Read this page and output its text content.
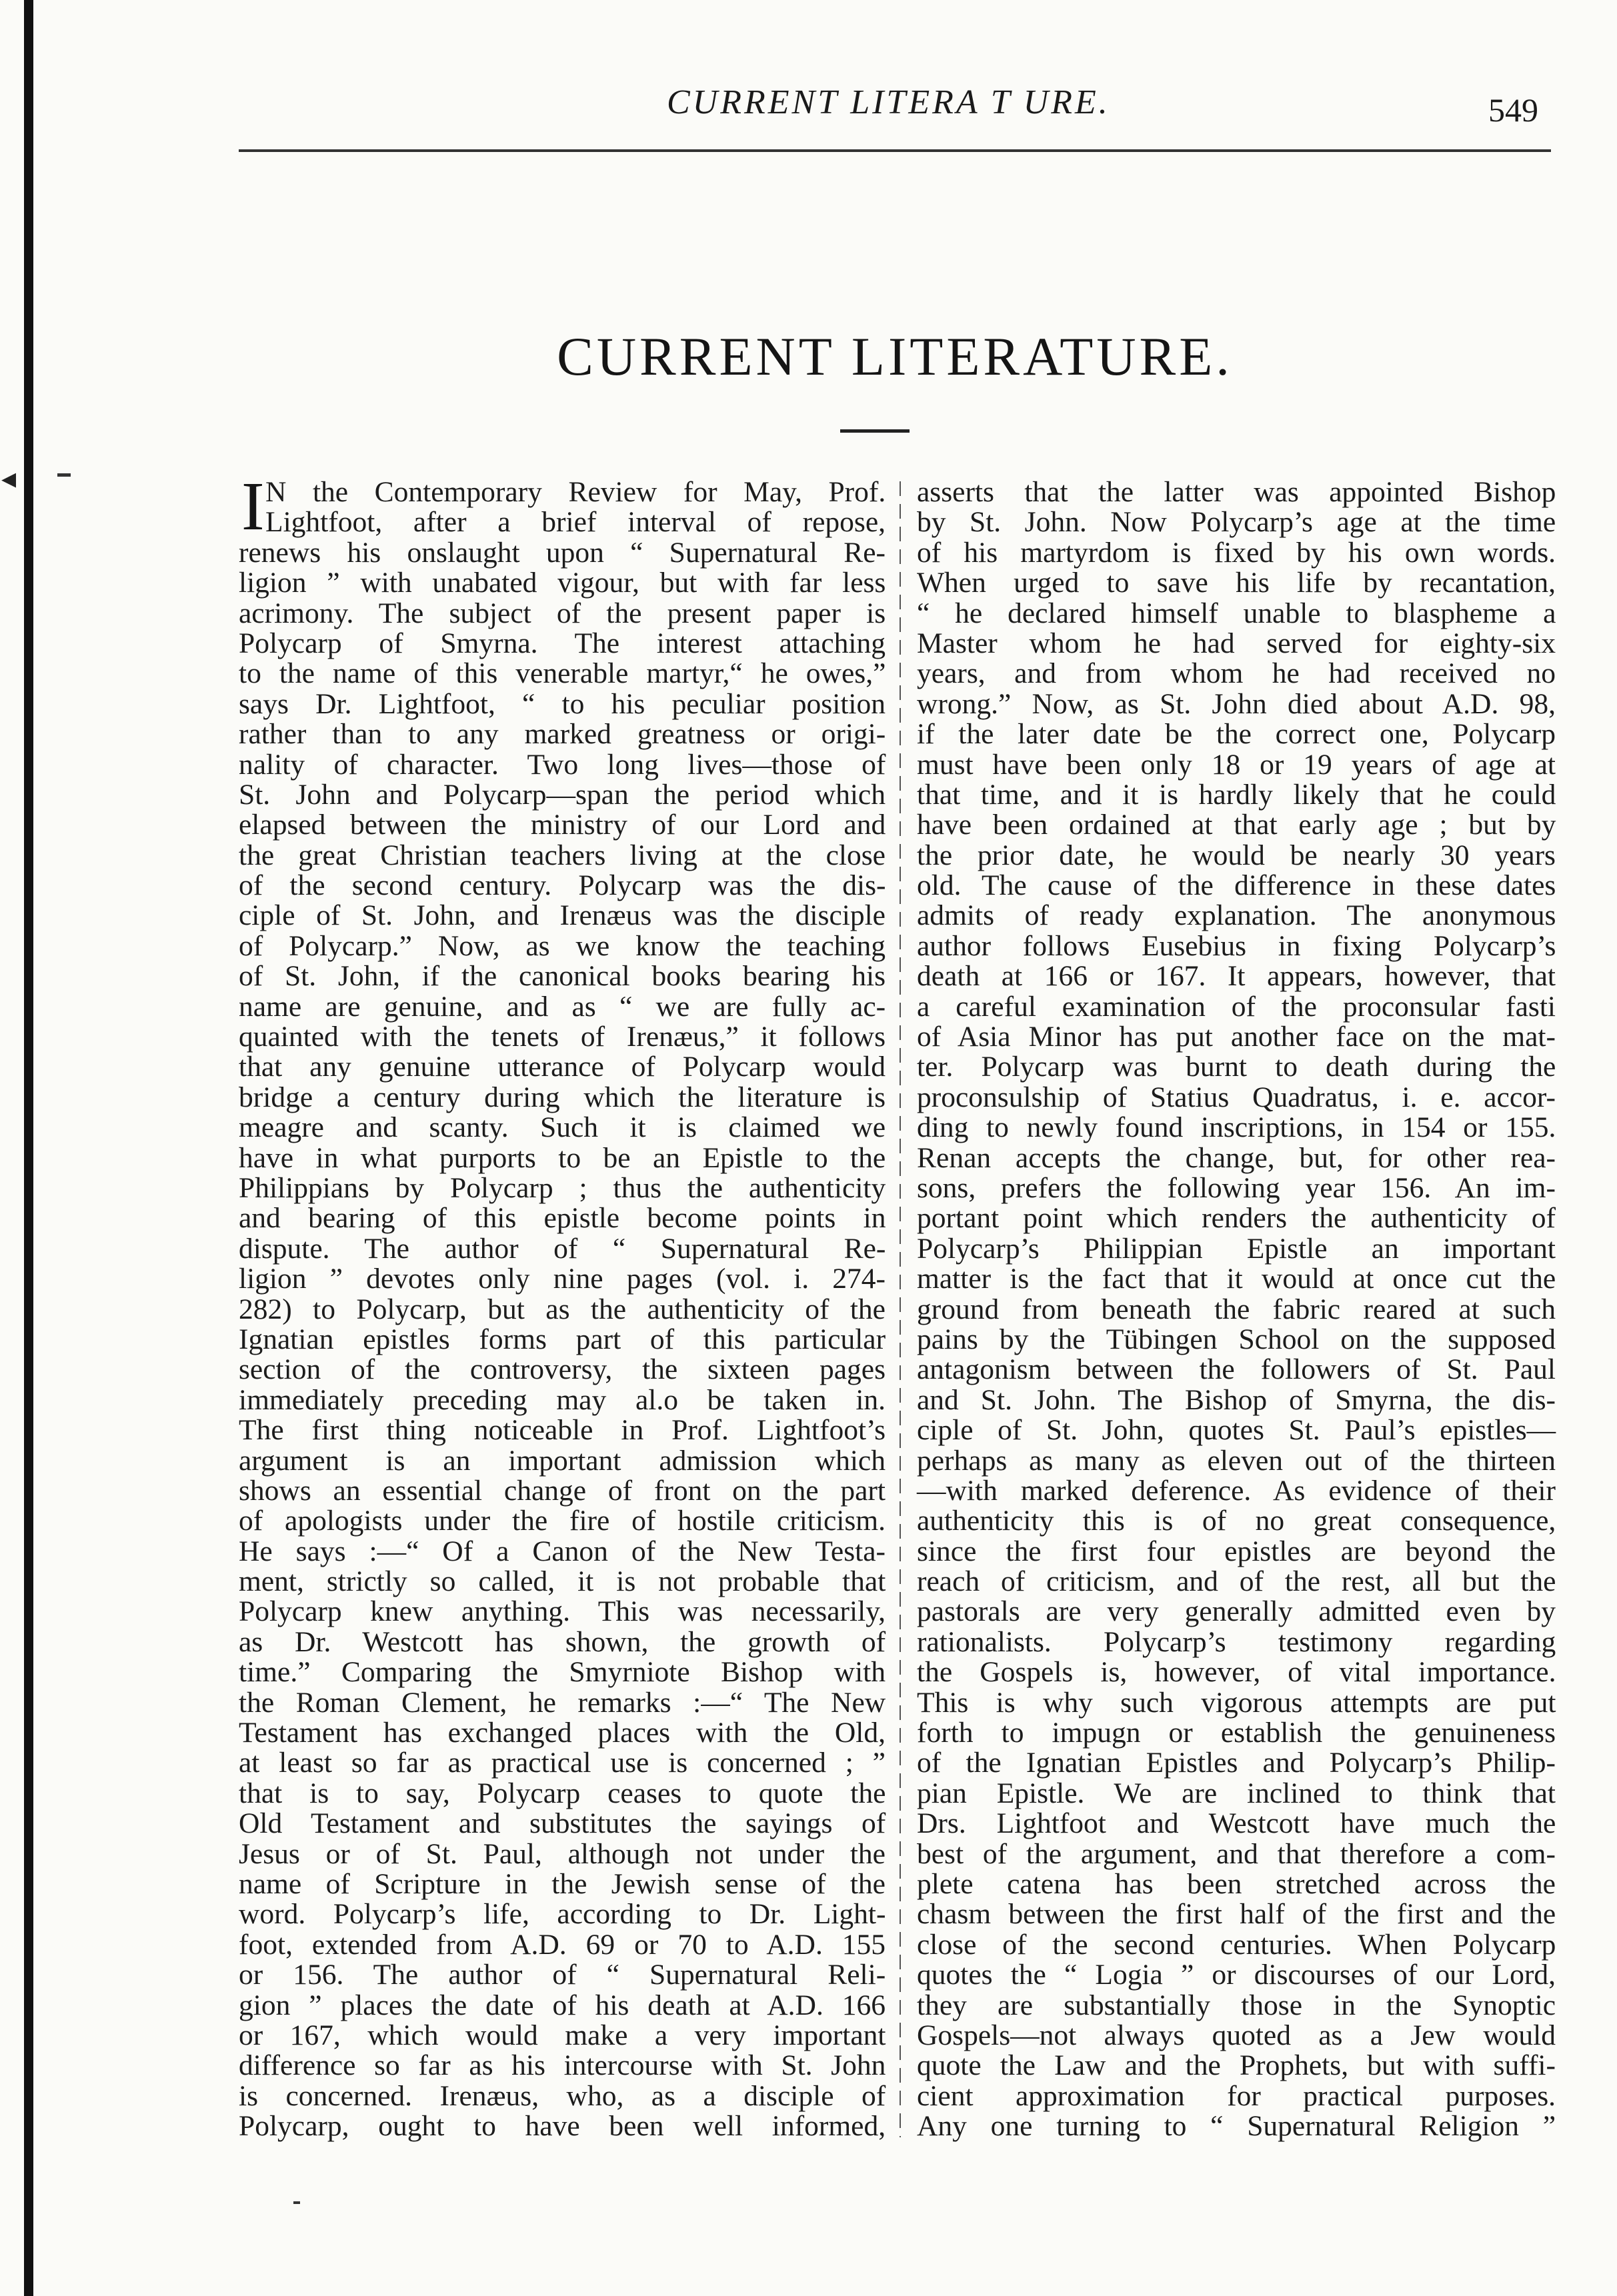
◂
CURRENT LITERA T URE.	549
CURRENT LITERATURE.
I N the Contemporary Review for May, Prof.
Lightfoot, after a brief interval of repose,
renews his onslaught upon “ Supernatural Re-
ligion ” with unabated vigour, but with far less
acrimony. The subject of the present paper is
Polycarp of Smyrna. The interest attaching
to the name of this venerable martyr,“ he owes,”
says Dr. Lightfoot, “ to his peculiar position
rather than to any marked greatness or origi-
nality of character. Two long lives—those of
St. John and Polycarp—span the period which
elapsed between the ministry of our Lord and
the great Christian teachers living at the close
of the second century. Polycarp was the dis-
ciple of St. John, and Irenæus was the disciple
of Polycarp.” Now, as we know the teaching
of St. John, if the canonical books bearing his
name are genuine, and as “ we are fully ac-
quainted with the tenets of Irenæus,” it follows
that any genuine utterance of Polycarp would
bridge a century during which the literature is
meagre and scanty. Such it is claimed we
have in what purports to be an Epistle to the
Philippians by Polycarp ; thus the authenticity
and bearing of this epistle become points in
dispute. The author of “ Supernatural Re-
ligion ” devotes only nine pages (vol. i. 274-
282) to Polycarp, but as the authenticity of the
Ignatian epistles forms part of this particular
section of the controversy, the sixteen pages
immediately preceding may al.o be taken in.
The first thing noticeable in Prof. Lightfoot’s
argument is an important admission which
shows an essential change of front on the part
of apologists under the fire of hostile criticism.
He says :—“ Of a Canon of the New Testa-
ment, strictly so called, it is not probable that
Polycarp knew anything. This was necessarily,
as Dr. Westcott has shown, the growth of
time.” Comparing the Smyrniote Bishop with
the Roman Clement, he remarks :—“ The New
Testament has exchanged places with the Old,
at least so far as practical use is concerned ; ”
that is to say, Polycarp ceases to quote the
Old Testament and substitutes the sayings of
Jesus or of St. Paul, although not under the
name of Scripture in the Jewish sense of the
word. Polycarp’s life, according to Dr. Light-
foot, extended from A.D. 69 or 70 to A.D. 155
or 156. The author of “ Supernatural Reli-
gion ” places the date of his death at A.D. 166
or 167, which would make a very important
difference so far as his intercourse with St. John
is concerned. Irenæus, who, as a disciple of
Polycarp, ought to have been well informed,
asserts that the latter was appointed Bishop
by St. John. Now Polycarp’s age at the time
of his martyrdom is fixed by his own words.
When urged to save his life by recantation,
“ he declared himself unable to blaspheme a
Master whom he had served for eighty-six
years, and from whom he had received no
wrong.” Now, as St. John died about A.D. 98,
if the later date be the correct one, Polycarp
must have been only 18 or 19 years of age at
that time, and it is hardly likely that he could
have been ordained at that early age ; but by
the prior date, he would be nearly 30 years
old. The cause of the difference in these dates
admits of ready explanation. The anonymous
author follows Eusebius in fixing Polycarp’s
death at 166 or 167. It appears, however, that
a careful examination of the proconsular fasti
of Asia Minor has put another face on the mat-
ter. Polycarp was burnt to death during the
proconsulship of Statius Quadratus, i. e. accor-
ding to newly found inscriptions, in 154 or 155.
Renan accepts the change, but, for other rea-
sons, prefers the following year 156. An im-
portant point which renders the authenticity of
Polycarp’s Philippian Epistle an important
matter is the fact that it would at once cut the
ground from beneath the fabric reared at such
pains by the Tübingen School on the supposed
antagonism between the followers of St. Paul
and St. John. The Bishop of Smyrna, the dis-
ciple of St. John, quotes St. Paul’s epistles—
perhaps as many as eleven out of the thirteen
—with marked deference. As evidence of their
authenticity this is of no great consequence,
since the first four epistles are beyond the
reach of criticism, and of the rest, all but the
pastorals are very generally admitted even by
rationalists. Polycarp’s testimony regarding
the Gospels is, however, of vital importance.
This is why such vigorous attempts are put
forth to impugn or establish the genuineness
of the Ignatian Epistles and Polycarp’s Philip-
pian Epistle. We are inclined to think that
Drs. Lightfoot and Westcott have much the
best of the argument, and that therefore a com-
plete catena has been stretched across the
chasm between the first half of the first and the
close of the second centuries. When Polycarp
quotes the “ Logia ” or discourses of our Lord,
they are substantially those in the Synoptic
Gospels—not always quoted as a Jew would
quote the Law and the Prophets, but with suffi-
cient approximation for practical purposes.
Any one turning to “ Supernatural Religion ”
